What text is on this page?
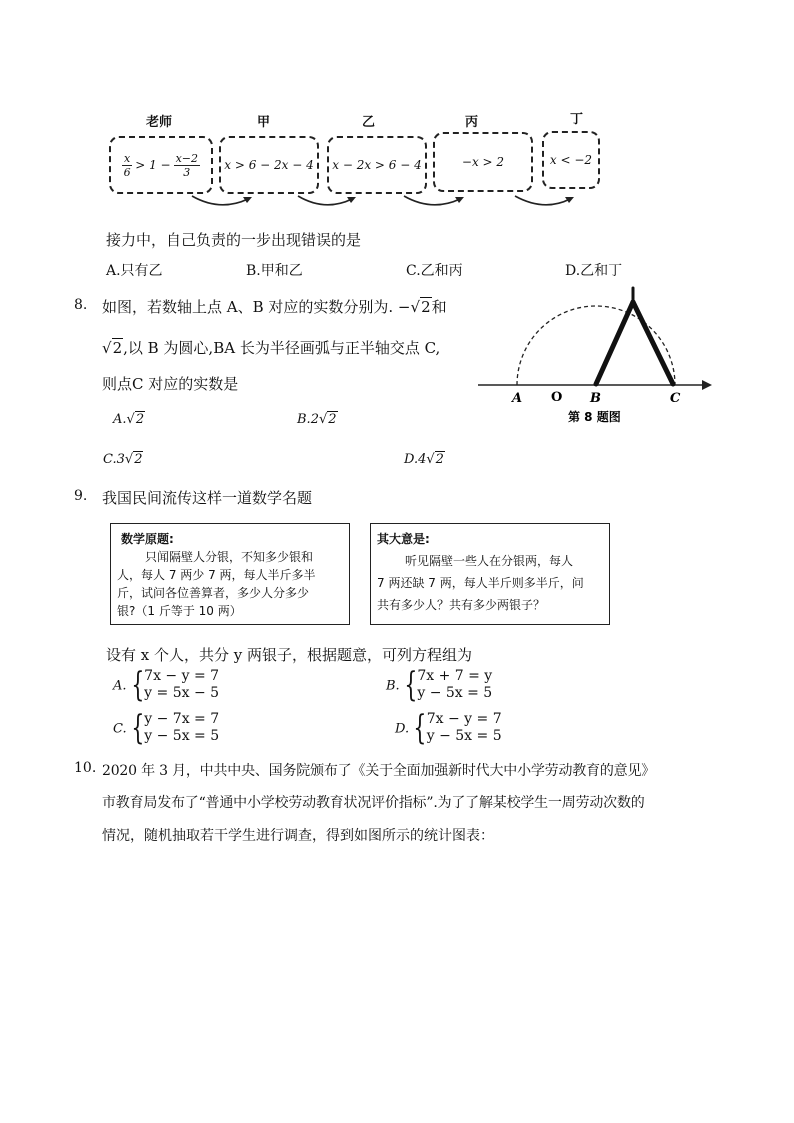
老师	甲	乙	丙	丁
$\frac{x}{6} > 1 - \frac{x-2}{3}$	x > 6 − 2x − 4	x − 2x > 6 − 4	−x > 2	x < −2
接力中，自己负责的一步出现错误的是
A.只有乙	B.甲和乙	C.乙和丙	D.乙和丁
8. 如图，若数轴上点 A、B 对应的实数分别为. −√2和
√2,以 B 为圆心,BA 长为半径画弧与正半轴交点 C,
则点C 对应的实数是
A.√2	B.2√2
C.3√2	D.4√2
A O B	C
第 8 题图
9. 我国民间流传这样一道数学名题
数学原题:
只闻隔壁人分银，不知多少银和
人，每人 7 两少 7 两，每人半斤多半
斤，试问各位善算者，多少人分多少
银?（1 斤等于 10 两）
其大意是:
听见隔壁一些人在分银两，每人
7 两还缺 7 两，每人半斤则多半斤，问
共有多少人？共有多少两银子？
设有 x 个人，共分 y 两银子，根据题意，可列方程组为
A. { 7x − y = 7
y = 5x − 5	B. { 7x + 7 = y
y − 5x = 5
C. { y − 7x = 7
y − 5x = 5	D. { 7x − y = 7
y − 5x = 5
10. 2020 年 3 月，中共中央、国务院颁布了《关于全面加强新时代大中小学劳动教育的意见》
市教育局发布了“普通中小学校劳动教育状况评价指标”.为了了解某校学生一周劳动次数的
情况，随机抽取若干学生进行调查，得到如图所示的统计图表：
